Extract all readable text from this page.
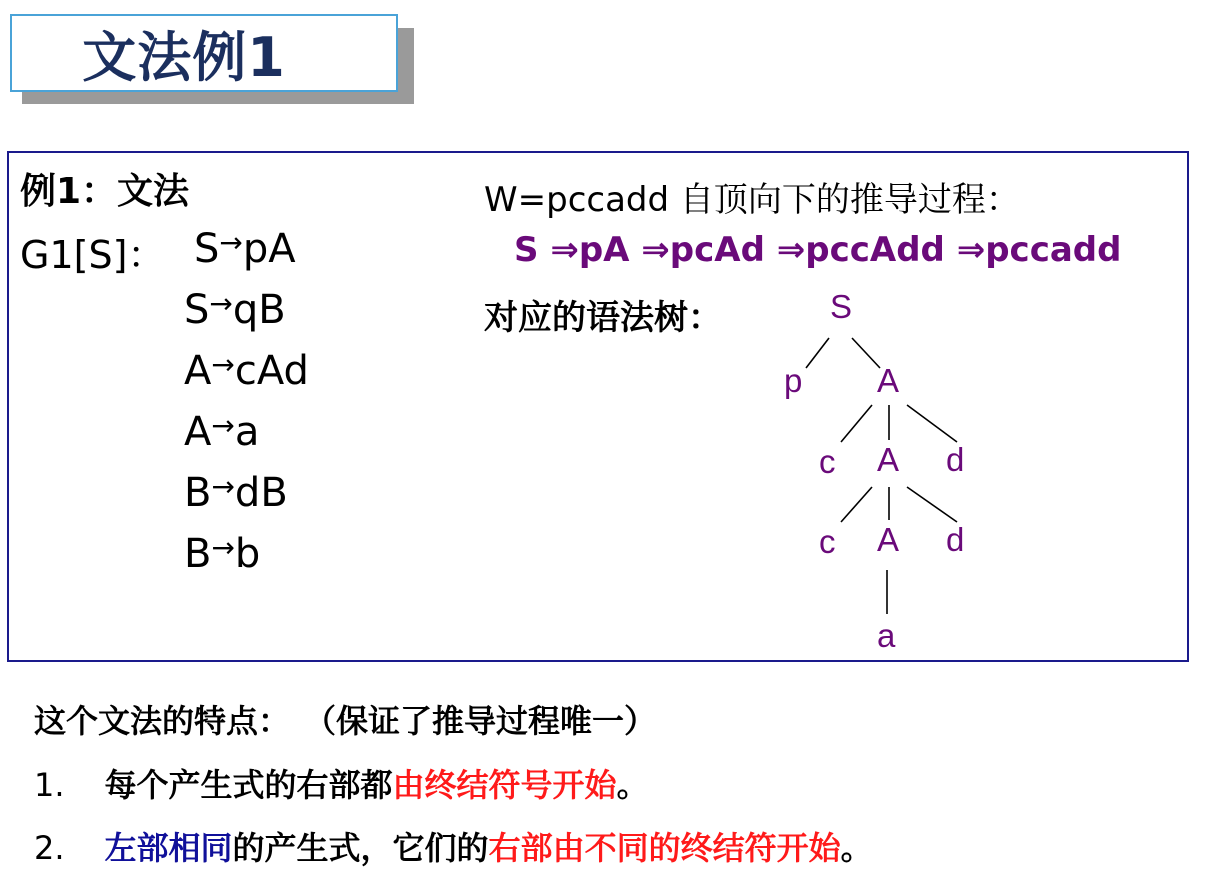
文法例1
例1：文法
G1[S]： S→pA
S→qB
A→cAd
A→a
B→dB
B→b
W=pccadd 自顶向下的推导过程：
S ⇒pA ⇒pcAd ⇒pccAdd ⇒pccadd
对应的语法树：	S
p A
c A d
c A d
a
这个文法的特点： （保证了推导过程唯一）
1. 每个产生式的右部都由终结符号开始。
2. 左部相同的产生式，它们的右部由不同的终结符开始。
